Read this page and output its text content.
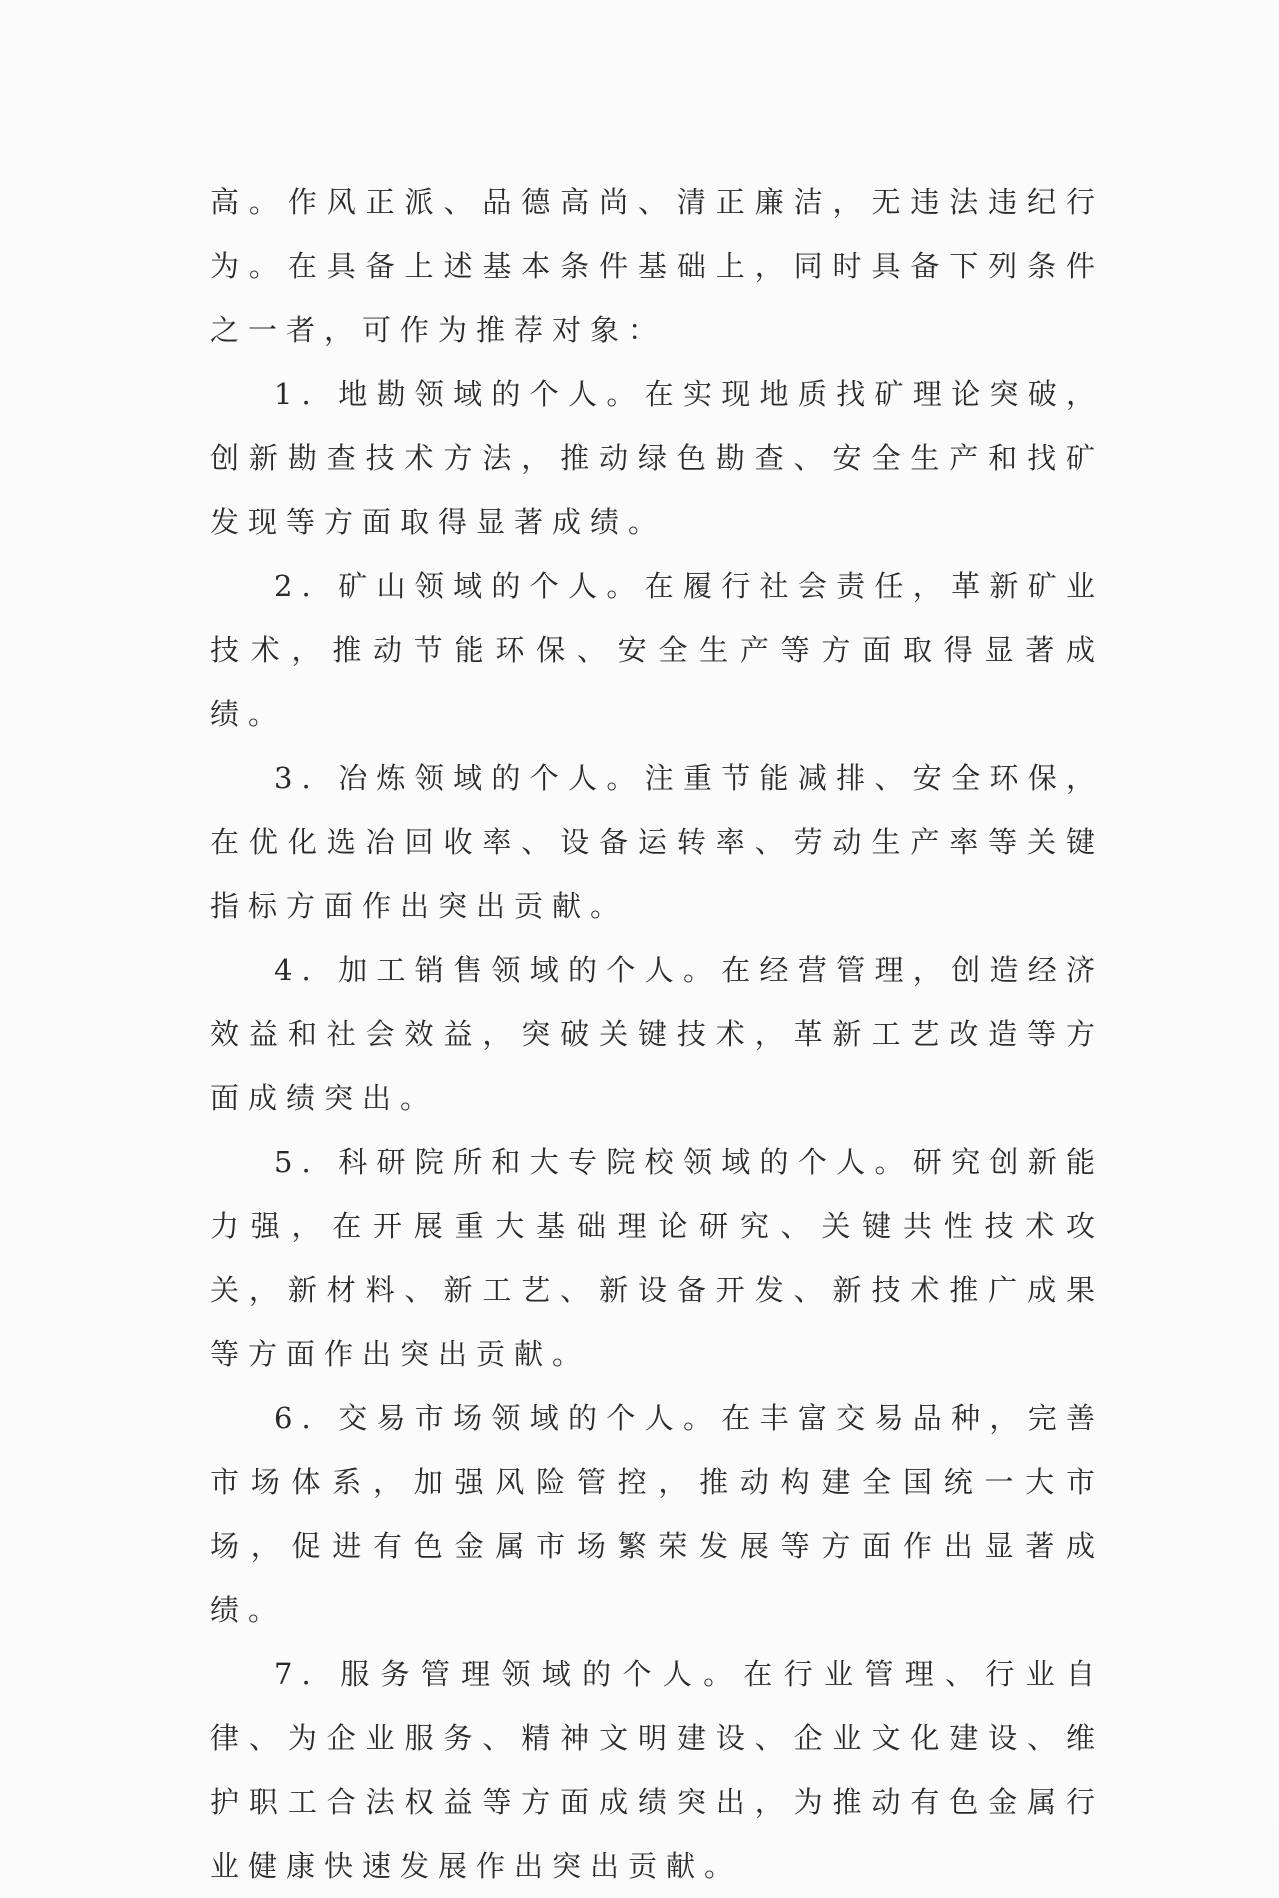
高。作风正派、品德高尚、清正廉洁，无违法违纪行为。在具备上述基本条件基础上，同时具备下列条件之一者，可作为推荐对象：

1. 地勘领域的个人。在实现地质找矿理论突破，创新勘查技术方法，推动绿色勘查、安全生产和找矿发现等方面取得显著成绩。

2. 矿山领域的个人。在履行社会责任，革新矿业技术，推动节能环保、安全生产等方面取得显著成绩。

3. 冶炼领域的个人。注重节能减排、安全环保，在优化选冶回收率、设备运转率、劳动生产率等关键指标方面作出突出贡献。

4. 加工销售领域的个人。在经营管理，创造经济效益和社会效益，突破关键技术，革新工艺改造等方面成绩突出。

5. 科研院所和大专院校领域的个人。研究创新能力强，在开展重大基础理论研究、关键共性技术攻关，新材料、新工艺、新设备开发、新技术推广成果等方面作出突出贡献。

6. 交易市场领域的个人。在丰富交易品种，完善市场体系，加强风险管控，推动构建全国统一大市场，促进有色金属市场繁荣发展等方面作出显著成绩。

7. 服务管理领域的个人。在行业管理、行业自律、为企业服务、精神文明建设、企业文化建设、维护职工合法权益等方面成绩突出，为推动有色金属行业健康快速发展作出突出贡献。
